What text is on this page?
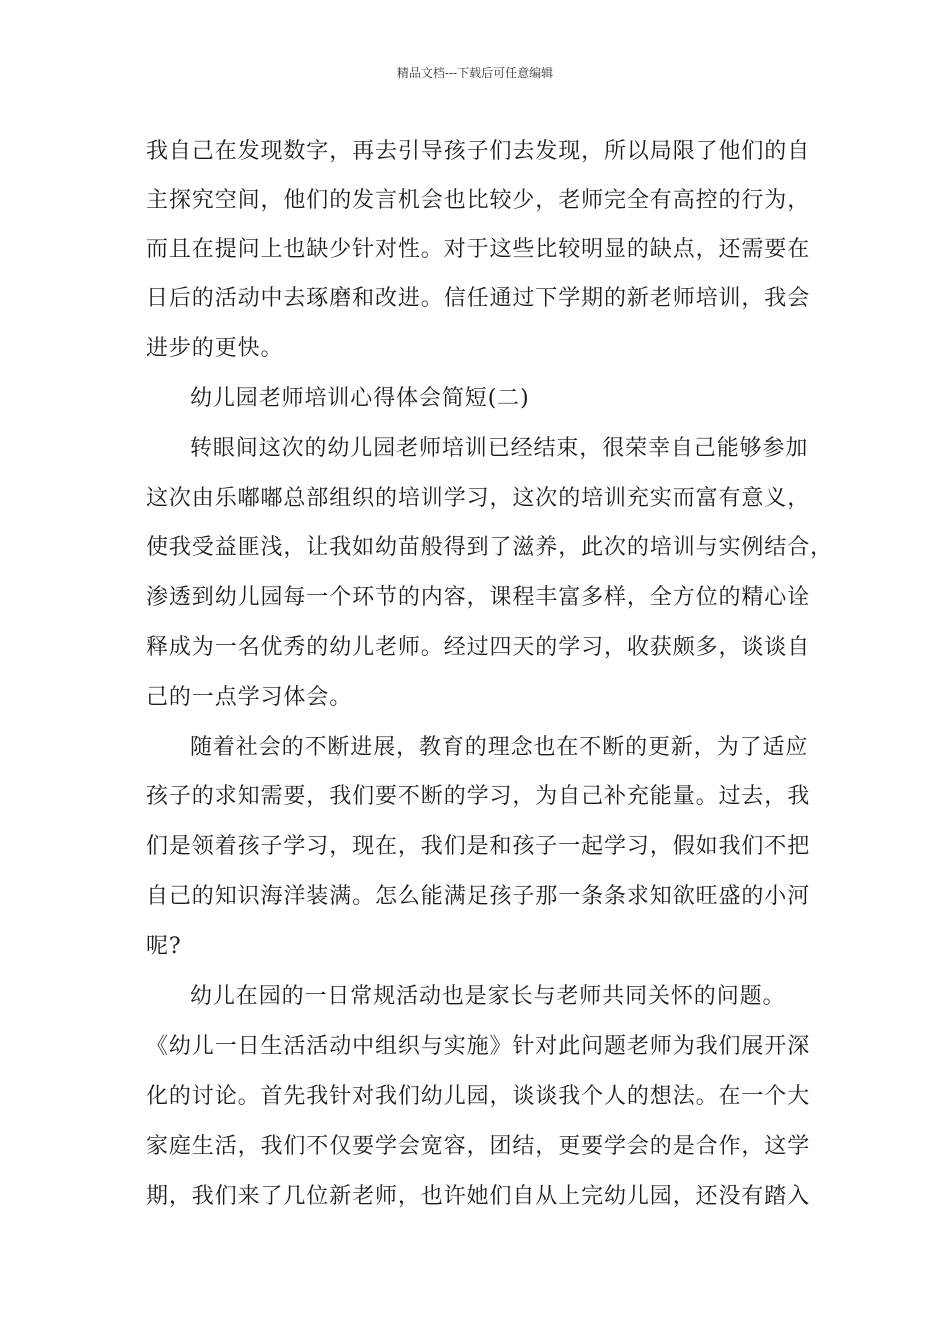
精品文档---下载后可任意编辑
我自己在发现数字，再去引导孩子们去发现，所以局限了他们的自
主探究空间，他们的发言机会也比较少，老师完全有高控的行为，
而且在提问上也缺少针对性。对于这些比较明显的缺点，还需要在
日后的活动中去琢磨和改进。信任通过下学期的新老师培训，我会
进步的更快。
幼儿园老师培训心得体会简短(二)
转眼间这次的幼儿园老师培训已经结束，很荣幸自己能够参加
这次由乐嘟嘟总部组织的培训学习，这次的培训充实而富有意义，
使我受益匪浅，让我如幼苗般得到了滋养，此次的培训与实例结合，
渗透到幼儿园每一个环节的内容，课程丰富多样，全方位的精心诠
释成为一名优秀的幼儿老师。经过四天的学习，收获颇多，谈谈自
己的一点学习体会。
随着社会的不断进展，教育的理念也在不断的更新，为了适应
孩子的求知需要，我们要不断的学习，为自己补充能量。过去，我
们是领着孩子学习，现在，我们是和孩子一起学习，假如我们不把
自己的知识海洋装满。怎么能满足孩子那一条条求知欲旺盛的小河
呢?
幼儿在园的一日常规活动也是家长与老师共同关怀的问题。
《幼儿一日生活活动中组织与实施》针对此问题老师为我们展开深
化的讨论。首先我针对我们幼儿园，谈谈我个人的想法。在一个大
家庭生活，我们不仅要学会宽容，团结，更要学会的是合作，这学
期，我们来了几位新老师，也许她们自从上完幼儿园，还没有踏入
